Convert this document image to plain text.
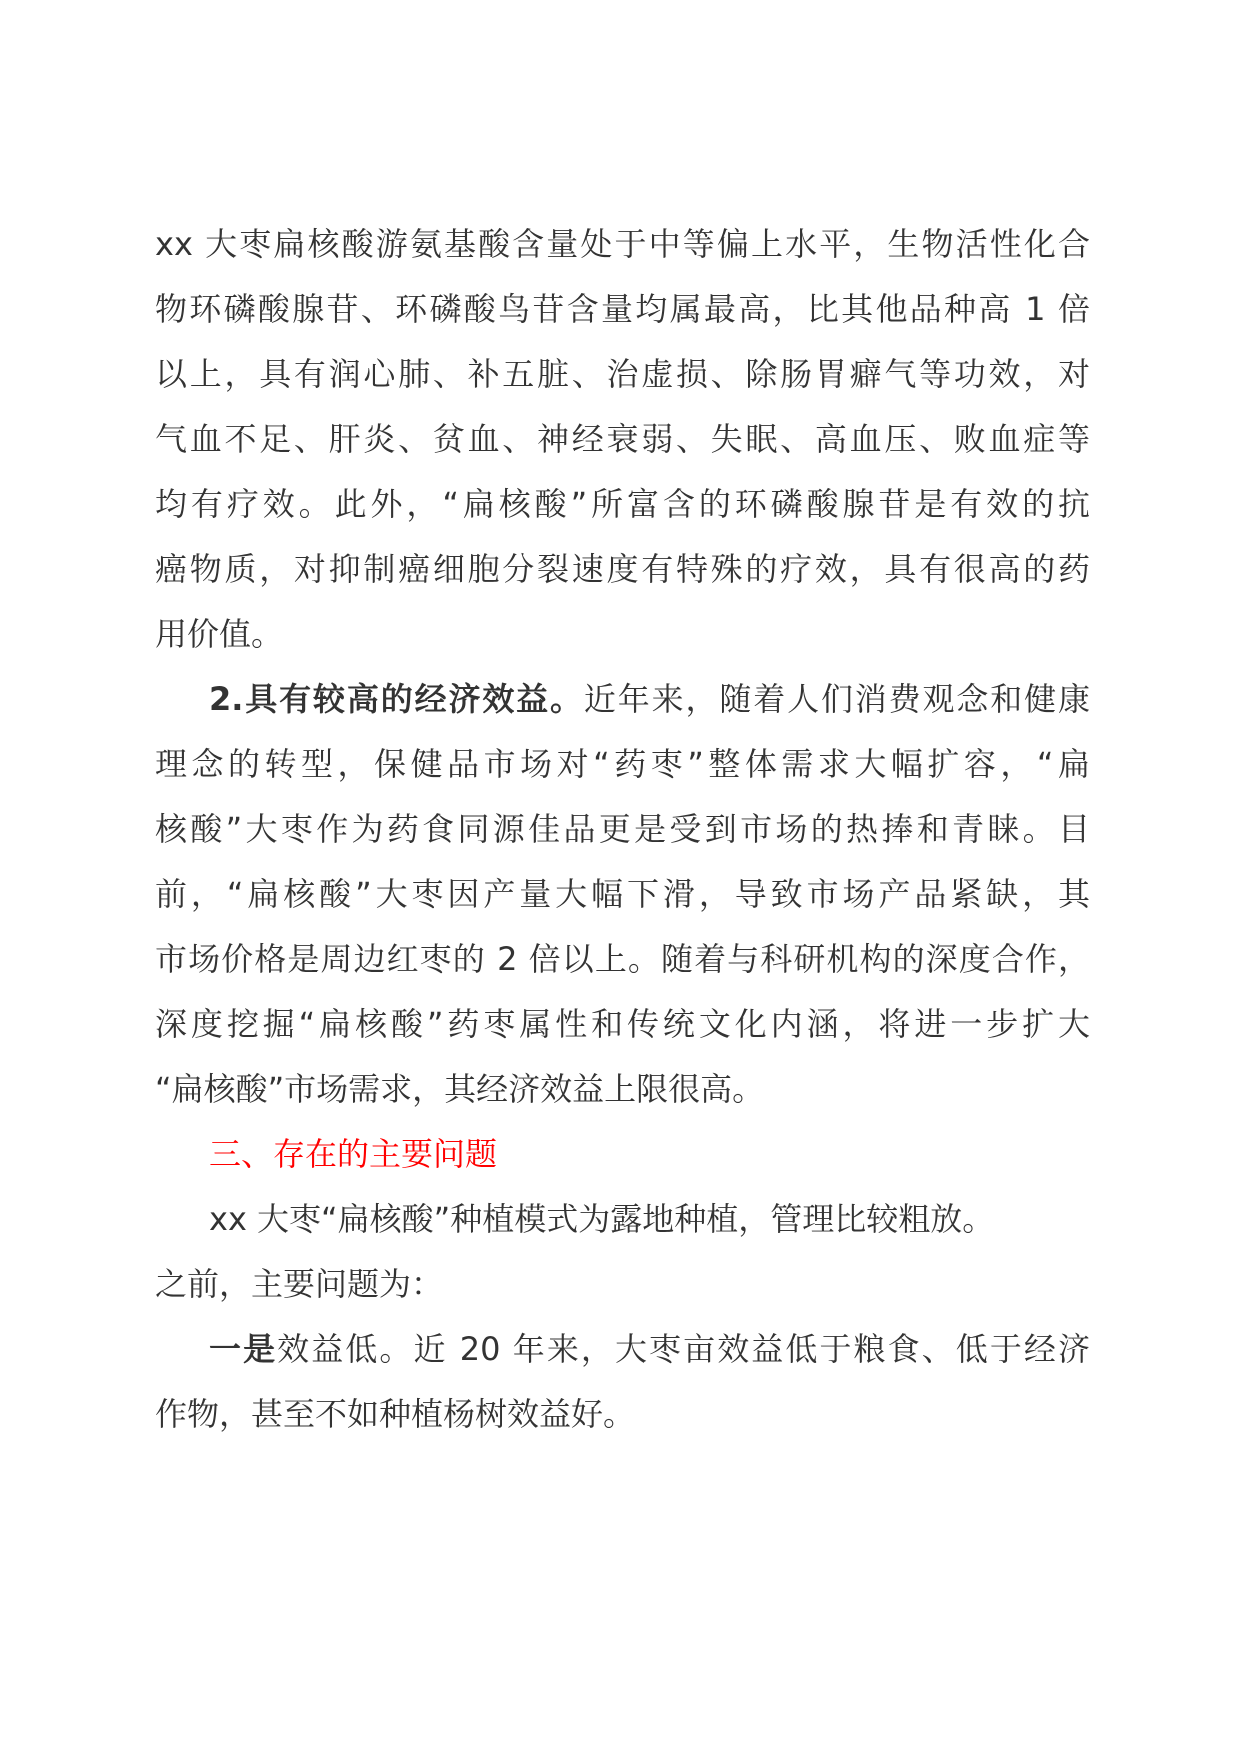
xx 大枣扁核酸游氨基酸含量处于中等偏上水平，生物活性化合
物环磷酸腺苷、环磷酸鸟苷含量均属最高，比其他品种高 1 倍
以上，具有润心肺、补五脏、治虚损、除肠胃癖气等功效，对
气血不足、肝炎、贫血、神经衰弱、失眠、高血压、败血症等
均有疗效。此外，“扁核酸”所富含的环磷酸腺苷是有效的抗
癌物质，对抑制癌细胞分裂速度有特殊的疗效，具有很高的药
用价值。
2.具有较高的经济效益。近年来，随着人们消费观念和健康
理念的转型，保健品市场对“药枣”整体需求大幅扩容，“扁
核酸”大枣作为药食同源佳品更是受到市场的热捧和青睐。目
前，“扁核酸”大枣因产量大幅下滑，导致市场产品紧缺，其
市场价格是周边红枣的 2 倍以上。随着与科研机构的深度合作，
深度挖掘“扁核酸”药枣属性和传统文化内涵，将进一步扩大
“扁核酸”市场需求，其经济效益上限很高。
三、存在的主要问题
xx 大枣“扁核酸”种植模式为露地种植，管理比较粗放。
之前，主要问题为：
一是效益低。近 20 年来，大枣亩效益低于粮食、低于经济
作物，甚至不如种植杨树效益好。
